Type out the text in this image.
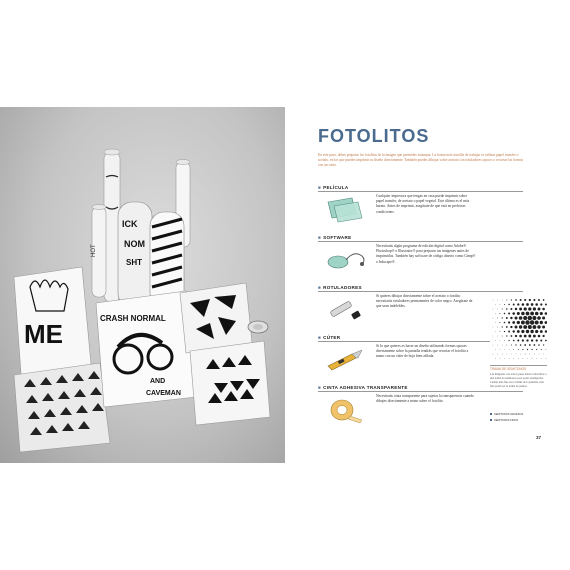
HOT
ICK
NOM
SHT
ME
CRASH NORMAL
AND
CAVEMAN
FOTOLITOS
En este paso, debes preparar los fotolitos de la imagen que pretendes estampar. La forma más sencilla de trabajar es utilizar papel transfer o acetato, en los que puedes imprimir tu diseño directamente. También puedes dibujar sobre acetato con rotuladores opacos o recortar las formas con un cúter.
■ PELÍCULA
Cualquier impresora que tengas en casa puede imprimir sobre papel transfer, de acetato o papel vegetal. Este último es el más barato. Antes de imprimir, asegúrate de que está en perfectas condiciones.
■ SOFTWARE
Necesitarás algún programa de edición digital como Adobe® Photoshop® o Illustrator® para preparar tus imágenes antes de imprimirlas. También hay software de código abierto como Gimp® o Inkscape®.
■ ROTULADORES
Si quieres dibujar directamente sobre el acetato o fotolito necesitarás rotuladores permanentes de color negro. Asegúrate de que sean indelebles.
■ CÚTER
Si lo que quieres es hacer un diseño utilizando formas opacas directamente sobre la pantalla tendrás que recortar el fotolito a mano con un cúter de hoja bien afilada.
■ CINTA ADHESIVA TRANSPARENTE
Necesitarás cinta transparente para sujetar la transparencia cuando dibujes directamente a mano sobre el fotolito.
TRAMA DE SEMITONOS
Las imágenes con tonos grises deben convertirse a una trama de semitonos para poder estamparlas. Cuanto más fino sea el tamiz de la pantalla, más fina podrá ser la trama de puntos.
SEMITONOS GRUESOS
SEMITONOS FINOS
37
